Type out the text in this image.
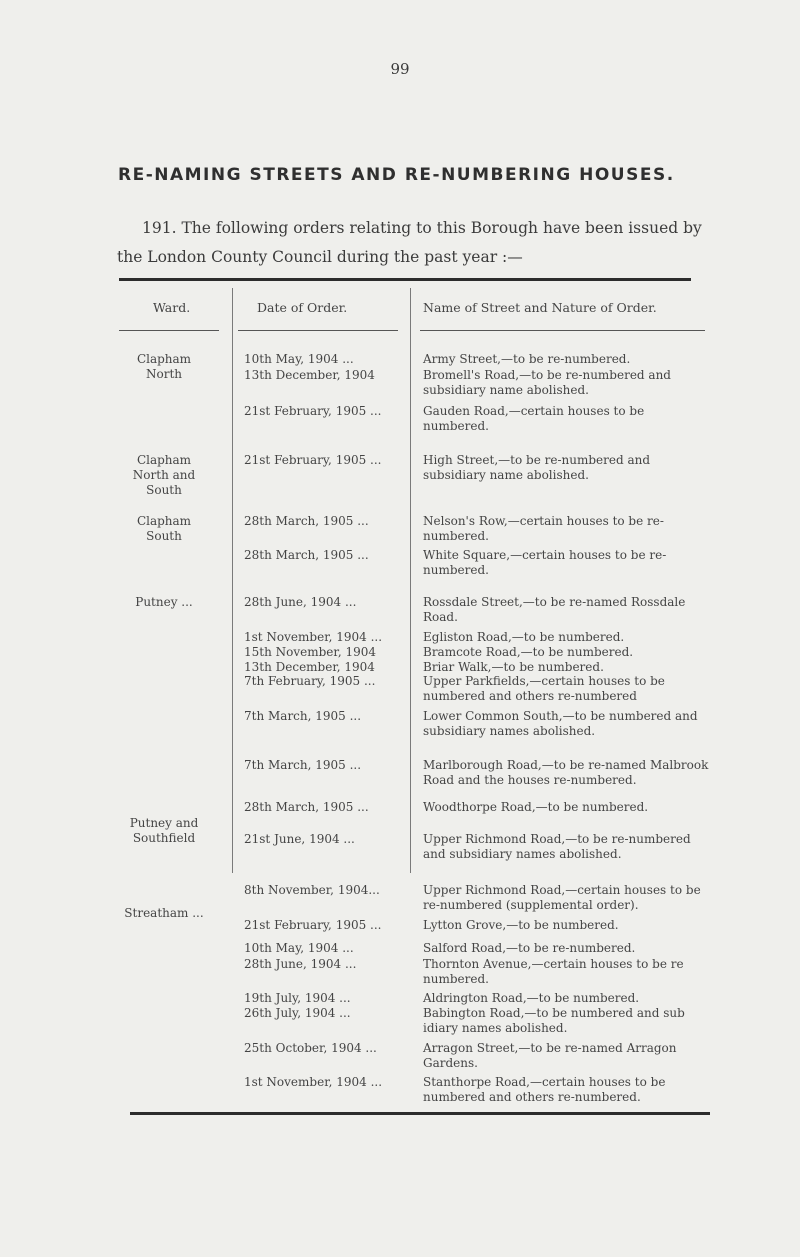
99
RE-NAMING STREETS AND RE-NUMBERING HOUSES.
191. The following orders relating to this Borough have been issued by the London County Council during the past year :—
Ward.	Date of Order.	Name of Street and Nature of Order.
Clapham
North
Clapham
North and
South
Clapham
South
Putney ...
Putney and
Southfield
Streatham ...
10th May, 1904 ...
13th December, 1904
21st February, 1905 ...
21st February, 1905 ...
28th March, 1905 ...
28th March, 1905 ...
28th June, 1904 ...
1st November, 1904 ...
15th November, 1904
13th December, 1904
7th February, 1905 ...
7th March, 1905 ...
7th March, 1905 ...
28th March, 1905 ...
21st June, 1904 ...
8th November, 1904...
21st February, 1905 ...
10th May, 1904 ...
28th June, 1904 ...
19th July, 1904 ...
26th July, 1904 ...
25th October, 1904 ...
1st November, 1904 ...
Army Street,—to be re-numbered.
Bromell's Road,—to be re-numbered and subsidiary name abolished.
Gauden Road,—certain houses to be numbered.
High Street,—to be re-numbered and subsidiary name abolished.
Nelson's Row,—certain houses to be re-numbered.
White Square,—certain houses to be re-numbered.
Rossdale Street,—to be re-named Rossdale Road.
Egliston Road,—to be numbered.
Bramcote Road,—to be numbered.
Briar Walk,—to be numbered.
Upper Parkfields,—certain houses to be numbered and others re-numbered
Lower Common South,—to be numbered and subsidiary names abolished.
Marlborough Road,—to be re-named Malbrook Road and the houses re-numbered.
Woodthorpe Road,—to be numbered.
Upper Richmond Road,—to be re-numbered and subsidiary names abolished.
Upper Richmond Road,—certain houses to be re-numbered (supplemental order).
Lytton Grove,—to be numbered.
Salford Road,—to be re-numbered.
Thornton Avenue,—certain houses to be re numbered.
Aldrington Road,—to be numbered.
Babington Road,—to be numbered and sub idiary names abolished.
Arragon Street,—to be re-named Arragon Gardens.
Stanthorpe Road,—certain houses to be numbered and others re-numbered.
